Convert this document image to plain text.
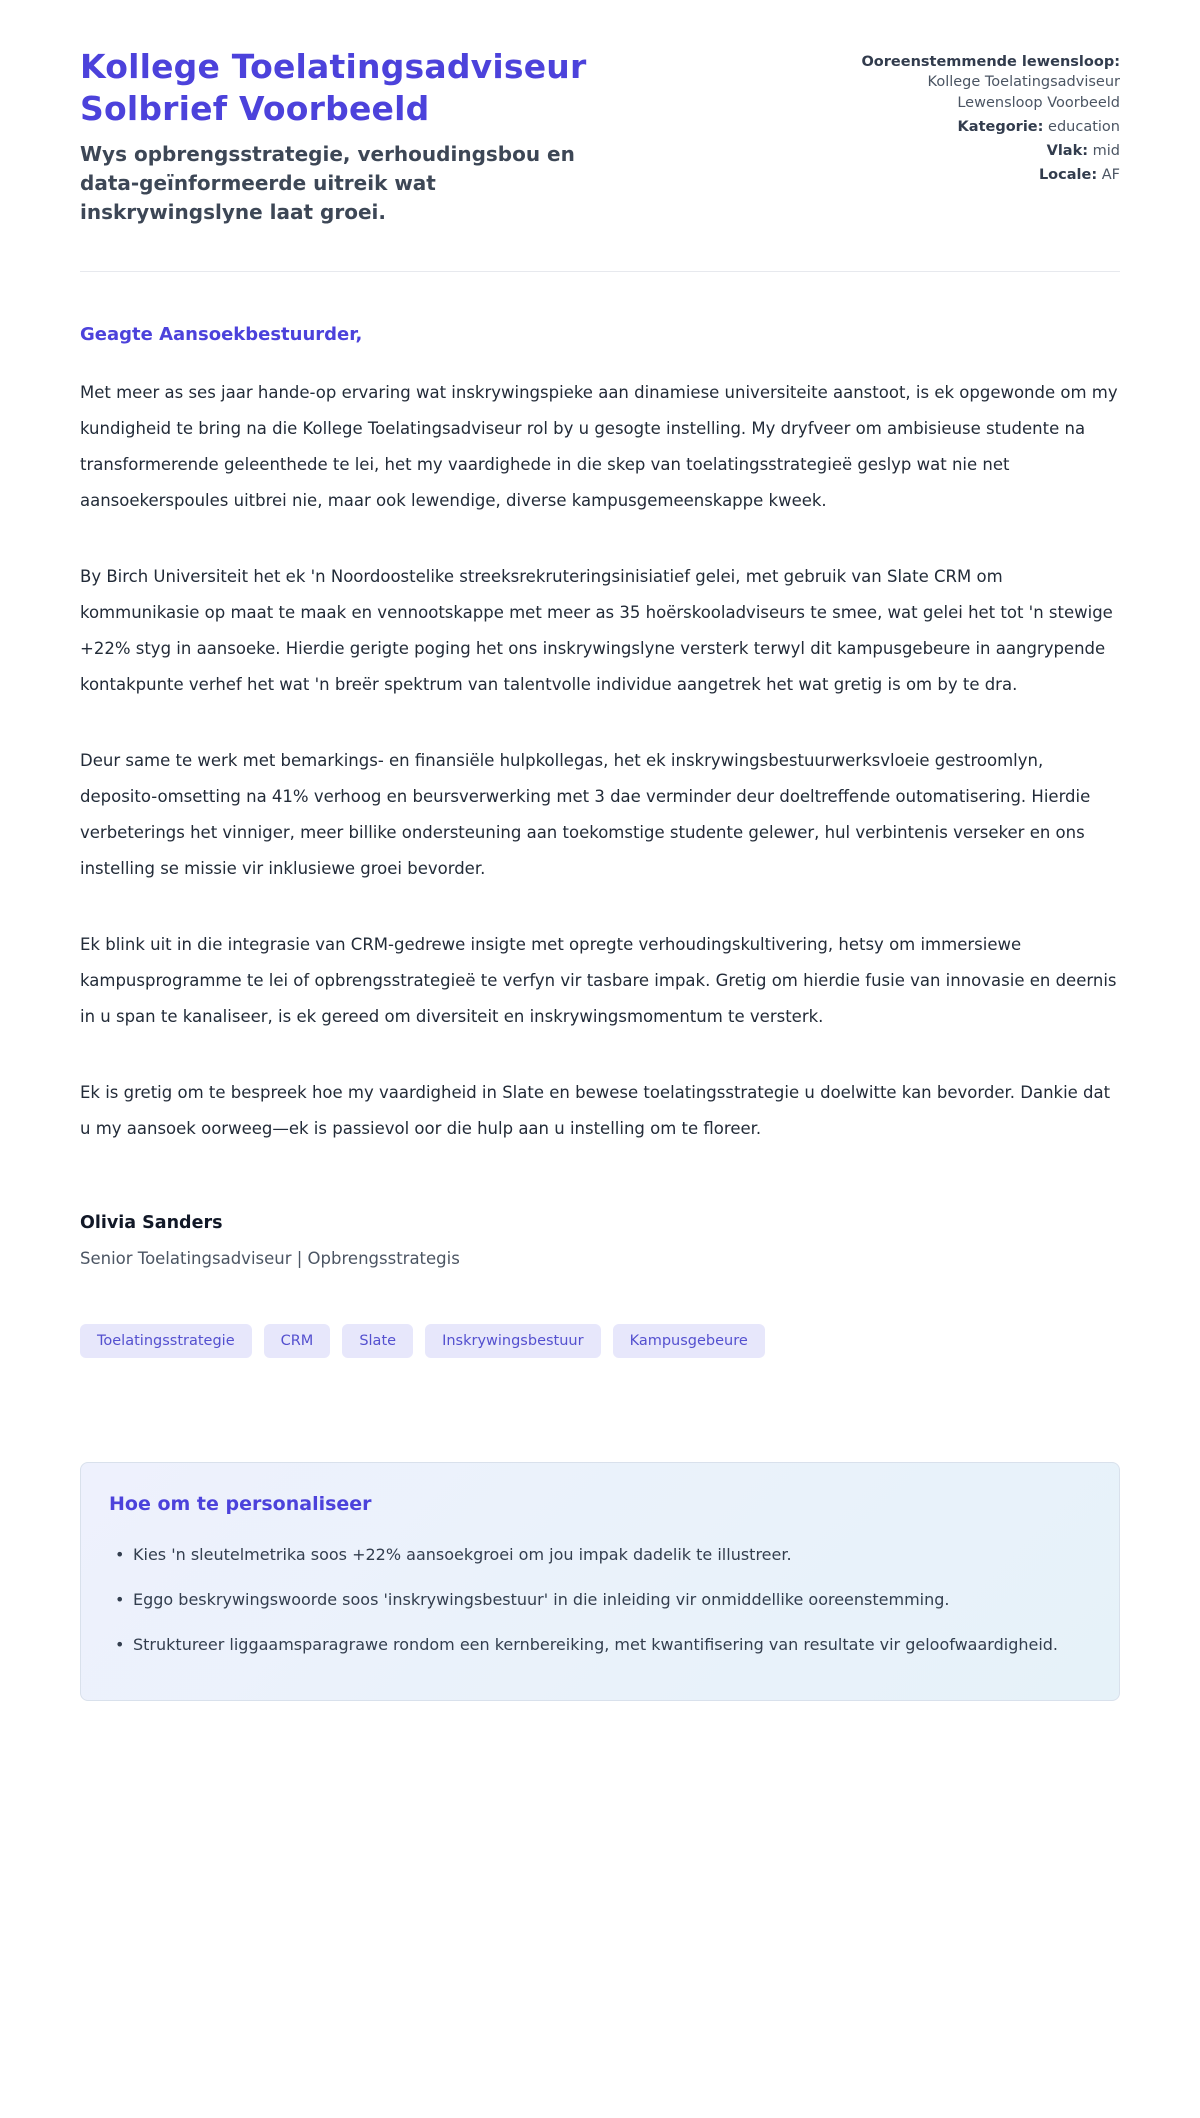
Kollege Toelatingsadviseur Solbrief Voorbeeld
Wys opbrengsstrategie, verhoudingsbou en data-geïnformeerde uitreik wat inskrywingslyne laat groei.
Ooreenstemmende lewensloop:
Kollege Toelatingsadviseur Lewensloop Voorbeeld
Kategorie: education
Vlak: mid
Locale: AF
Geagte Aansoekbestuurder,

Met meer as ses jaar hande-op ervaring wat inskrywingspieke aan dinamiese universiteite aanstoot, is ek opgewonde om my kundigheid te bring na die Kollege Toelatingsadviseur rol by u gesogte instelling. My dryfveer om ambisieuse studente na transformerende geleenthede te lei, het my vaardighede in die skep van toelatingsstrategieë geslyp wat nie net aansoekerspoules uitbrei nie, maar ook lewendige, diverse kampusgemeenskappe kweek.

By Birch Universiteit het ek 'n Noordoostelike streeksrekruteringsinisiatief gelei, met gebruik van Slate CRM om kommunikasie op maat te maak en vennootskappe met meer as 35 hoërskooladviseurs te smee, wat gelei het tot 'n stewige +22% styg in aansoeke. Hierdie gerigte poging het ons inskrywingslyne versterk terwyl dit kampusgebeure in aangrypende kontakpunte verhef het wat 'n breër spektrum van talentvolle individue aangetrek het wat gretig is om by te dra.

Deur same te werk met bemarkings- en finansiële hulpkollegas, het ek inskrywingsbestuurwerksvloeie gestroomlyn, deposito-omsetting na 41% verhoog en beursverwerking met 3 dae verminder deur doeltreffende outomatisering. Hierdie verbeterings het vinniger, meer billike ondersteuning aan toekomstige studente gelewer, hul verbintenis verseker en ons instelling se missie vir inklusiewe groei bevorder.

Ek blink uit in die integrasie van CRM-gedrewe insigte met opregte verhoudingskultivering, hetsy om immersiewe kampusprogramme te lei of opbrengsstrategieë te verfyn vir tasbare impak. Gretig om hierdie fusie van innovasie en deernis in u span te kanaliseer, is ek gereed om diversiteit en inskrywingsmomentum te versterk.

Ek is gretig om te bespreek hoe my vaardigheid in Slate en bewese toelatingsstrategie u doelwitte kan bevorder. Dankie dat u my aansoek oorweeg—ek is passievol oor die hulp aan u instelling om te floreer.

Olivia Sanders
Senior Toelatingsadviseur | Opbrengsstrategis
Toelatingsstrategie	CRM	Slate	Inskrywingsbestuur	Kampusgebeure
Hoe om te personaliseer
• Kies 'n sleutelmetrika soos +22% aansoekgroei om jou impak dadelik te illustreer.
• Eggo beskrywingswoorde soos 'inskrywingsbestuur' in die inleiding vir onmiddellike ooreenstemming.
• Struktureer liggaamsparagrawe rondom een kernbereiking, met kwantifisering van resultate vir geloofwaardigheid.
